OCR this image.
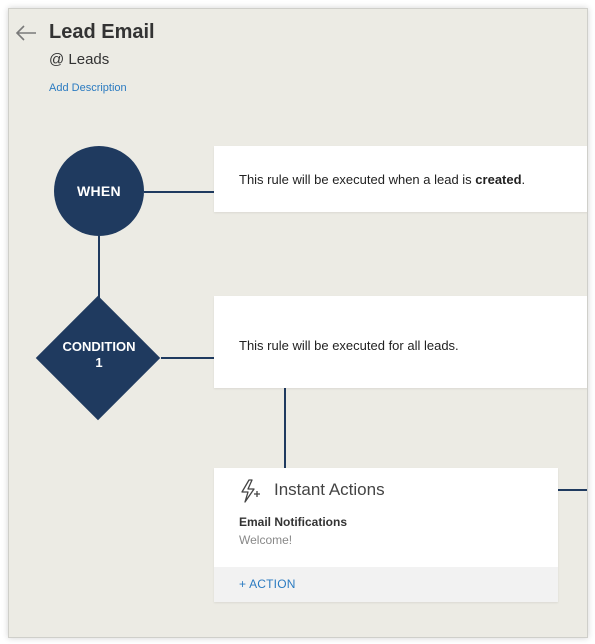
Lead Email
@ Leads
Add Description
WHEN
This rule will be executed when a lead is created.
CONDITION
1
This rule will be executed for all leads.
Instant Actions
Email Notifications
Welcome!
+ ACTION
